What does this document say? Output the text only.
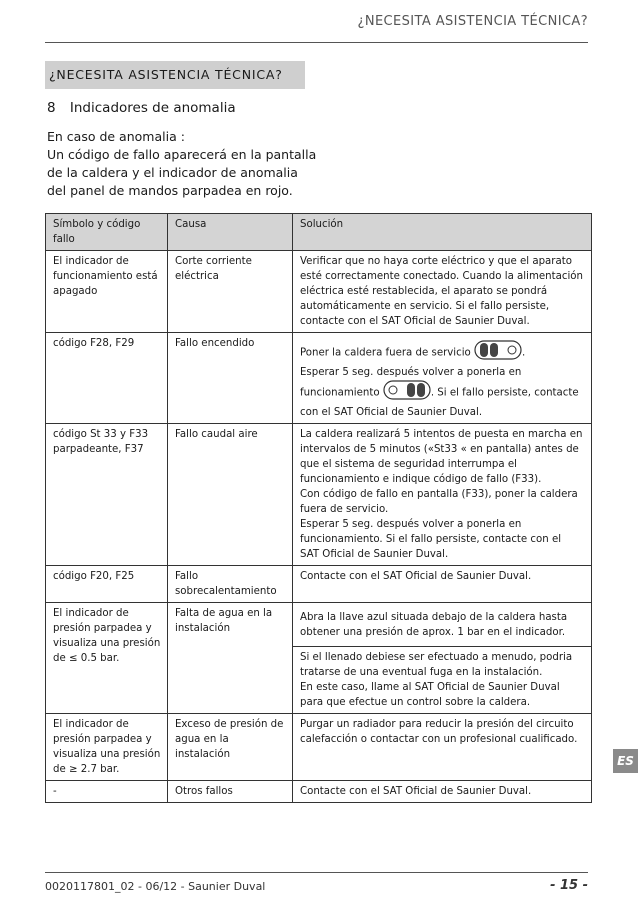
¿NECESITA ASISTENCIA TÉCNICA?
¿NECESITA ASISTENCIA TÉCNICA?
8 Indicadores de anomalia

En caso de anomalia :

Un código de fallo aparecerá en la pantalla de la caldera y el indicador de anomalia del panel de mandos parpadea en rojo.

Símbolo y código fallo	Causa	Solución
El indicador de funcionamiento está apagado	Corte corriente eléctrica	Verificar que no haya corte eléctrico y que el aparato esté correctamente conectado. Cuando la alimentación eléctrica esté restablecida, el aparato se pondrá automáticamente en servicio. Si el fallo persiste, contacte con el SAT Oficial de Saunier Duval.
código F28, F29	Fallo encendido	Poner la caldera fuera de servicio .
Esperar 5 seg. después volver a ponerla en funcionamiento . Si el fallo persiste, contacte con el SAT Oficial de Saunier Duval.
código St 33 y F33 parpadeante, F37	Fallo caudal aire	La caldera realizará 5 intentos de puesta en marcha en intervalos de 5 minutos («St33 « en pantalla) antes de que el sistema de seguridad interrumpa el funcionamiento e indique código de fallo (F33).
Con código de fallo en pantalla (F33), poner la caldera fuera de servicio.
Esperar 5 seg. después volver a ponerla en funcionamiento. Si el fallo persiste, contacte con el SAT Oficial de Saunier Duval.

código F20, F25	Fallo sobrecalentamiento	Contacte con el SAT Oficial de Saunier Duval.
El indicador de presión parpadea y visualiza una presión de ≤ 0.5 bar.	Falta de agua en la instalación	Abra la llave azul situada debajo de la caldera hasta obtener una presión de aprox. 1 bar en el indicador.

		Si el llenado debiese ser efectuado a menudo, podria tratarse de una eventual fuga en la instalación.
En este caso, llame al SAT Oficial de Saunier Duval para que efectue un control sobre la caldera.

El indicador de presión parpadea y visualiza una presión de ≥ 2.7 bar.	Exceso de presión de agua en la instalación	Purgar un radiador para reducir la presión del circuito calefacción o contactar con un profesional cualificado.
-	Otros fallos	Contacte con el SAT Oficial de Saunier Duval.
ES
0020117801_02 - 06/12 - Saunier Duval	- 15 -
